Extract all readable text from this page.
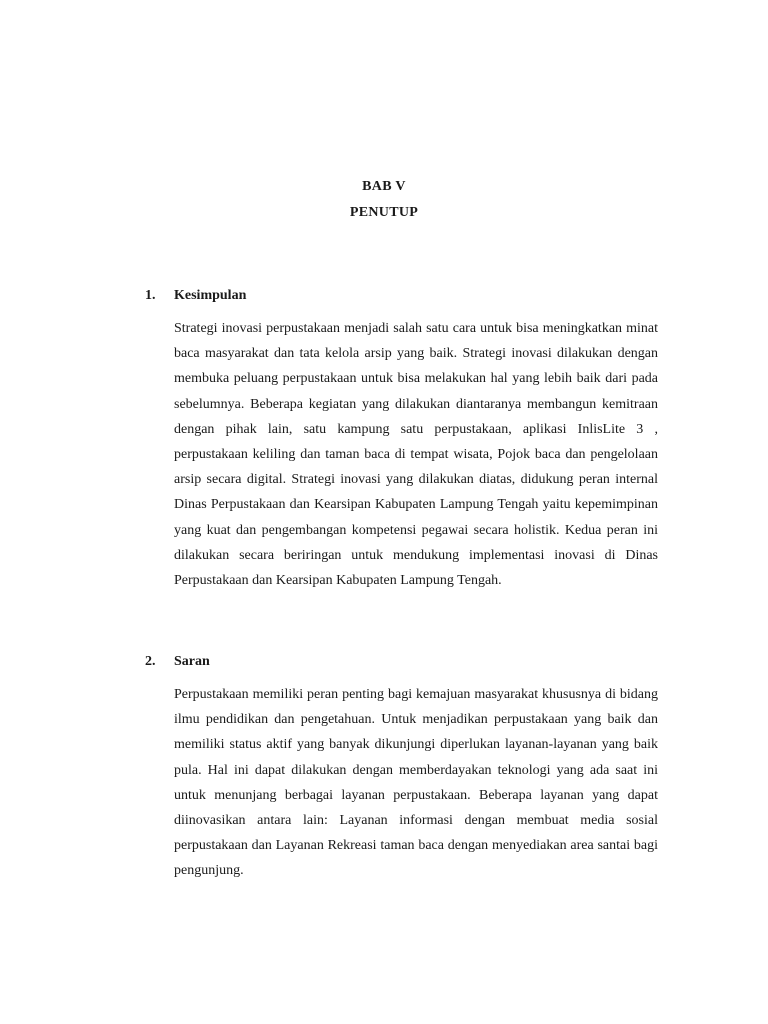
BAB V
PENUTUP
1.	Kesimpulan
Strategi inovasi perpustakaan menjadi salah satu cara untuk bisa meningkatkan minat baca masyarakat dan tata kelola arsip yang baik. Strategi inovasi dilakukan dengan membuka peluang perpustakaan untuk bisa melakukan hal yang lebih baik dari pada sebelumnya. Beberapa kegiatan yang dilakukan diantaranya membangun kemitraan dengan pihak lain, satu kampung satu perpustakaan, aplikasi InlisLite 3 , perpustakaan keliling dan taman baca di tempat wisata, Pojok baca dan pengelolaan arsip secara digital. Strategi inovasi yang dilakukan diatas, didukung peran internal Dinas Perpustakaan dan Kearsipan Kabupaten Lampung Tengah yaitu kepemimpinan yang kuat dan pengembangan kompetensi pegawai secara holistik. Kedua peran ini dilakukan secara beriringan untuk mendukung implementasi inovasi di Dinas Perpustakaan dan Kearsipan Kabupaten Lampung Tengah.
2.	Saran
Perpustakaan memiliki peran penting bagi kemajuan masyarakat khususnya di bidang ilmu pendidikan dan pengetahuan. Untuk menjadikan perpustakaan yang baik dan memiliki status aktif yang banyak dikunjungi diperlukan layanan-layanan yang baik pula. Hal ini dapat dilakukan dengan memberdayakan teknologi yang ada saat ini untuk menunjang berbagai layanan perpustakaan. Beberapa layanan yang dapat diinovasikan antara lain: Layanan informasi dengan membuat media sosial perpustakaan dan Layanan Rekreasi taman baca dengan menyediakan area santai bagi pengunjung.
